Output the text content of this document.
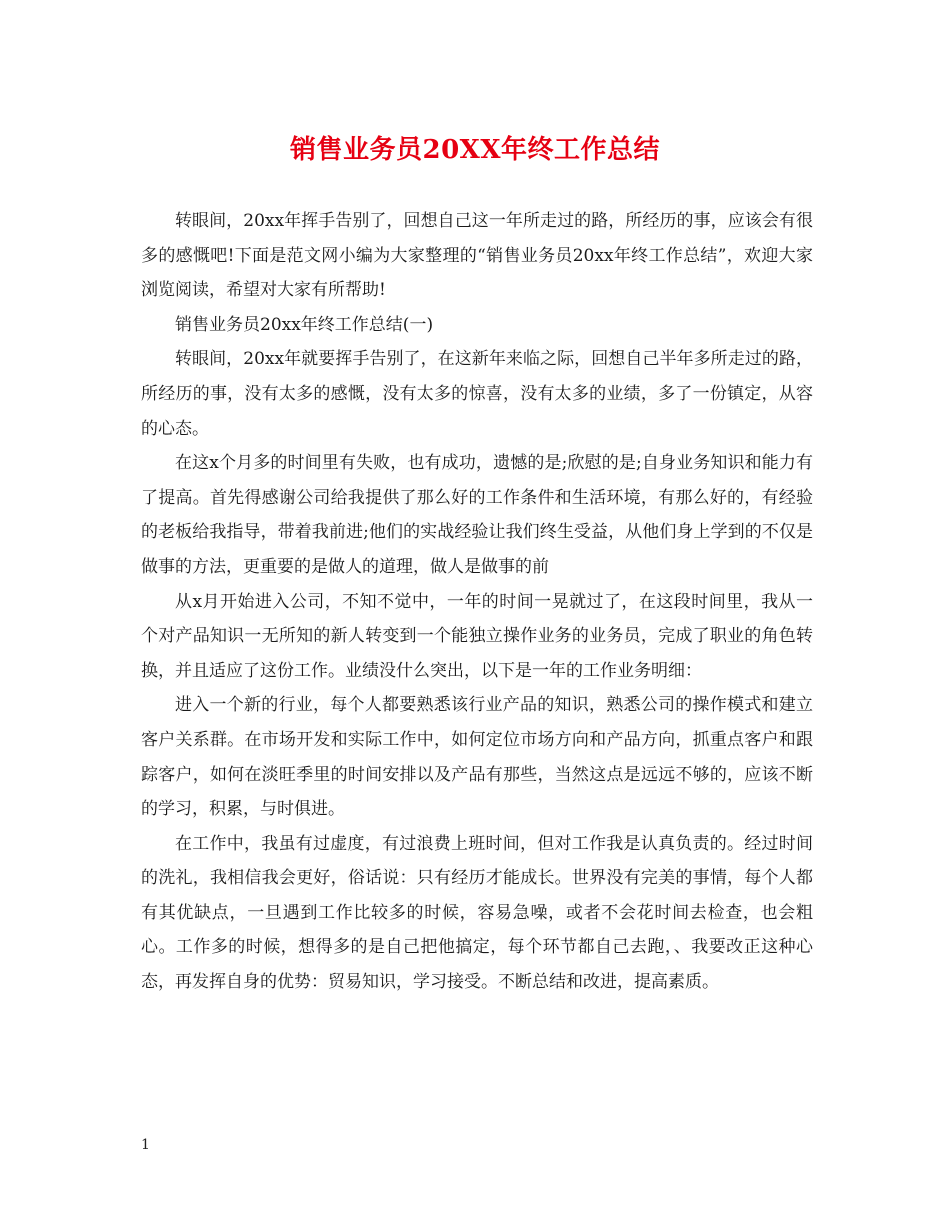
销售业务员20XX年终工作总结

转眼间，20xx年挥手告别了，回想自己这一年所走过的路，所经历的事，应该会有很多的感慨吧!下面是范文网小编为大家整理的“销售业务员20xx年终工作总结”，欢迎大家浏览阅读，希望对大家有所帮助!

销售业务员20xx年终工作总结(一)

转眼间，20xx年就要挥手告别了，在这新年来临之际，回想自己半年多所走过的路，所经历的事，没有太多的感慨，没有太多的惊喜，没有太多的业绩，多了一份镇定，从容的心态。

在这x个月多的时间里有失败，也有成功，遗憾的是;欣慰的是;自身业务知识和能力有了提高。首先得感谢公司给我提供了那么好的工作条件和生活环境，有那么好的，有经验的老板给我指导，带着我前进;他们的实战经验让我们终生受益，从他们身上学到的不仅是做事的方法，更重要的是做人的道理，做人是做事的前

从x月开始进入公司，不知不觉中，一年的时间一晃就过了，在这段时间里，我从一个对产品知识一无所知的新人转变到一个能独立操作业务的业务员，完成了职业的角色转换，并且适应了这份工作。业绩没什么突出，以下是一年的工作业务明细：

进入一个新的行业，每个人都要熟悉该行业产品的知识，熟悉公司的操作模式和建立客户关系群。在市场开发和实际工作中，如何定位市场方向和产品方向，抓重点客户和跟踪客户，如何在淡旺季里的时间安排以及产品有那些，当然这点是远远不够的，应该不断的学习，积累，与时俱进。

在工作中，我虽有过虚度，有过浪费上班时间，但对工作我是认真负责的。经过时间的洗礼，我相信我会更好，俗话说：只有经历才能成长。世界没有完美的事情，每个人都有其优缺点，一旦遇到工作比较多的时候，容易急噪，或者不会花时间去检查，也会粗心。工作多的时候，想得多的是自己把他搞定，每个环节都自己去跑，、我要改正这种心态，再发挥自身的优势：贸易知识，学习接受。不断总结和改进，提高素质。

1
